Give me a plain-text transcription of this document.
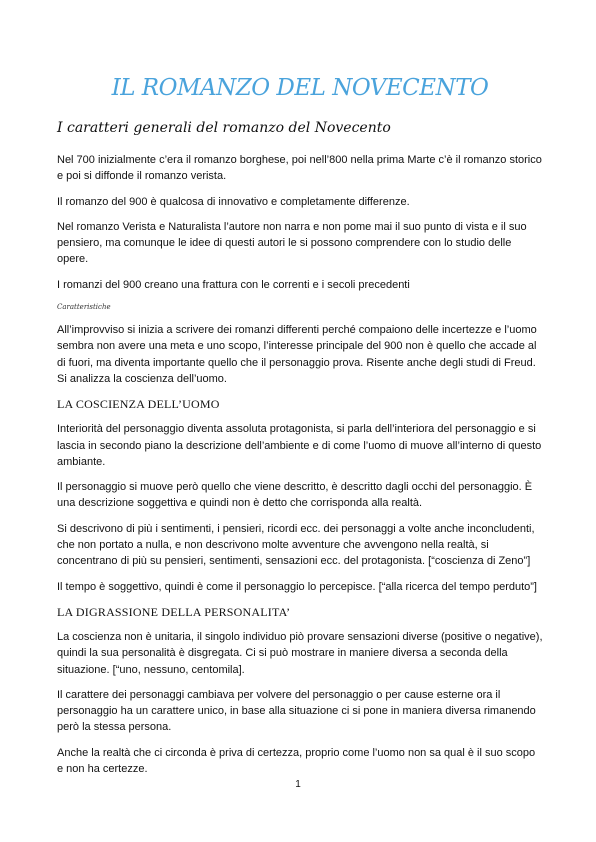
IL ROMANZO DEL NOVECENTO
I caratteri generali del romanzo del Novecento

Nel 700 inizialmente c’era il romanzo borghese, poi nell’800 nella prima Marte c’è il romanzo storico e poi si diffonde il romanzo verista.

Il romanzo del 900 è qualcosa di innovativo e completamente differenze.

Nel romanzo Verista e Naturalista l’autore non narra e non pome mai il suo punto di vista e il suo pensiero, ma comunque le idee di questi autori le si possono comprendere con lo studio delle opere.

I romanzi del 900 creano una frattura con le correnti e i secoli precedenti

Caratteristiche

All’improvviso si inizia a scrivere dei romanzi differenti perché compaiono delle incertezze e l’uomo sembra non avere una meta e uno scopo, l’interesse principale del 900 non è quello che accade al di fuori, ma diventa importante quello che il personaggio prova. Risente anche degli studi di Freud. Si analizza la coscienza dell’uomo.

LA COSCIENZA DELL’UOMO

Interiorità del personaggio diventa assoluta protagonista, si parla dell’interiora del personaggio e si lascia in secondo piano la descrizione dell’ambiente e di come l’uomo di muove all’interno di questo ambiante.

Il personaggio si muove però quello che viene descritto, è descritto dagli occhi del personaggio. È una descrizione soggettiva e quindi non è detto che corrisponda alla realtà.

Si descrivono di più i sentimenti, i pensieri, ricordi ecc. dei personaggi a volte anche inconcludenti, che non portato a nulla, e non descrivono molte avventure che avvengono nella realtà, si concentrano di più su pensieri, sentimenti, sensazioni ecc. del protagonista. [“coscienza di Zeno”]

Il tempo è soggettivo, quindi è come il personaggio lo percepisce. [“alla ricerca del tempo perduto”]

LA DIGRASSIONE DELLA PERSONALITA’

La coscienza non è unitaria, il singolo individuo piò provare sensazioni diverse (positive o negative), quindi la sua personalità è disgregata. Ci si può mostrare in maniere diversa a seconda della situazione. [“uno, nessuno, centomila].

Il carattere dei personaggi cambiava per volvere del personaggio o per cause esterne ora il personaggio ha un carattere unico, in base alla situazione ci si pone in maniera diversa rimanendo però la stessa persona.

Anche la realtà che ci circonda è priva di certezza, proprio come l’uomo non sa qual è il suo scopo e non ha certezze.

1
